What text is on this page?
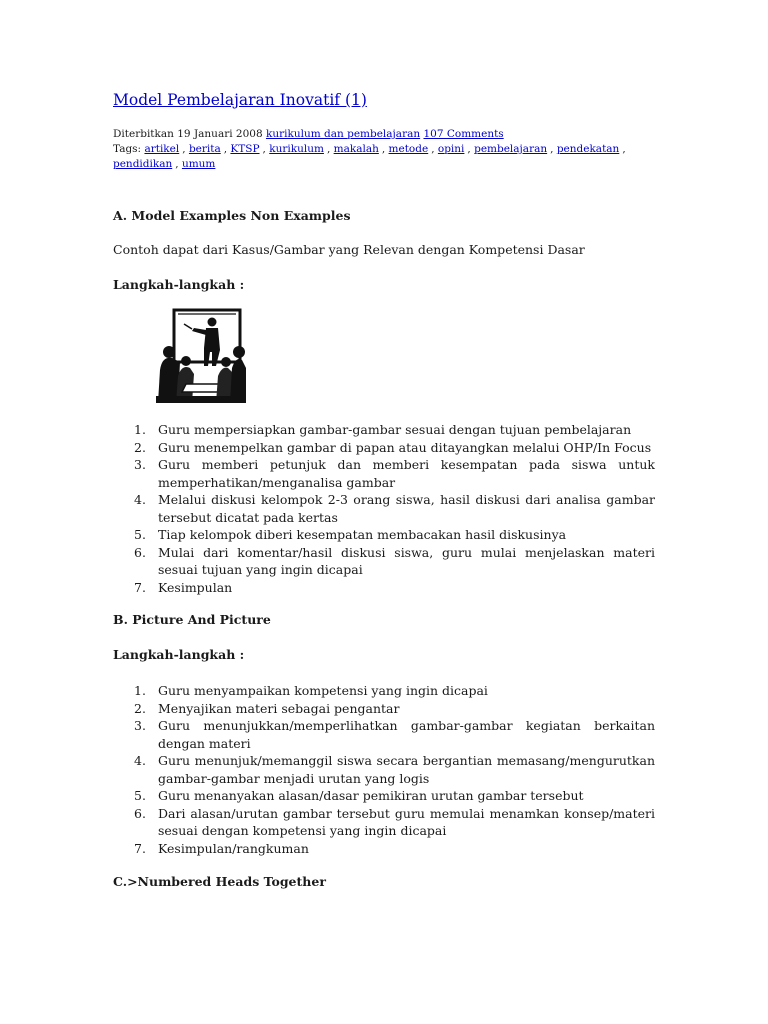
Model Pembelajaran Inovatif (1)
Diterbitkan 19 Januari 2008 kurikulum dan pembelajaran 107 Comments
Tags: artikel , berita , KTSP , kurikulum , makalah , metode , opini , pembelajaran , pendekatan , pendidikan , umum
A. Model Examples Non Examples
Contoh dapat dari Kasus/Gambar yang Relevan dengan Kompetensi Dasar
Langkah-langkah :
1. Guru mempersiapkan gambar-gambar sesuai dengan tujuan pembelajaran
2. Guru menempelkan gambar di papan atau ditayangkan melalui OHP/In Focus
3. Guru memberi petunjuk dan memberi kesempatan pada siswa untuk memperhatikan/menganalisa gambar
4. Melalui diskusi kelompok 2-3 orang siswa, hasil diskusi dari analisa gambar tersebut dicatat pada kertas
5. Tiap kelompok diberi kesempatan membacakan hasil diskusinya
6. Mulai dari komentar/hasil diskusi siswa, guru mulai menjelaskan materi sesuai tujuan yang ingin dicapai
7. Kesimpulan
B. Picture And Picture
Langkah-langkah :
1. Guru menyampaikan kompetensi yang ingin dicapai
2. Menyajikan materi sebagai pengantar
3. Guru menunjukkan/memperlihatkan gambar-gambar kegiatan berkaitan dengan materi
4. Guru menunjuk/memanggil siswa secara bergantian memasang/mengurutkan gambar-gambar menjadi urutan yang logis
5. Guru menanyakan alasan/dasar pemikiran urutan gambar tersebut
6. Dari alasan/urutan gambar tersebut guru memulai menamkan konsep/materi sesuai dengan kompetensi yang ingin dicapai
7. Kesimpulan/rangkuman
C.>Numbered Heads Together
